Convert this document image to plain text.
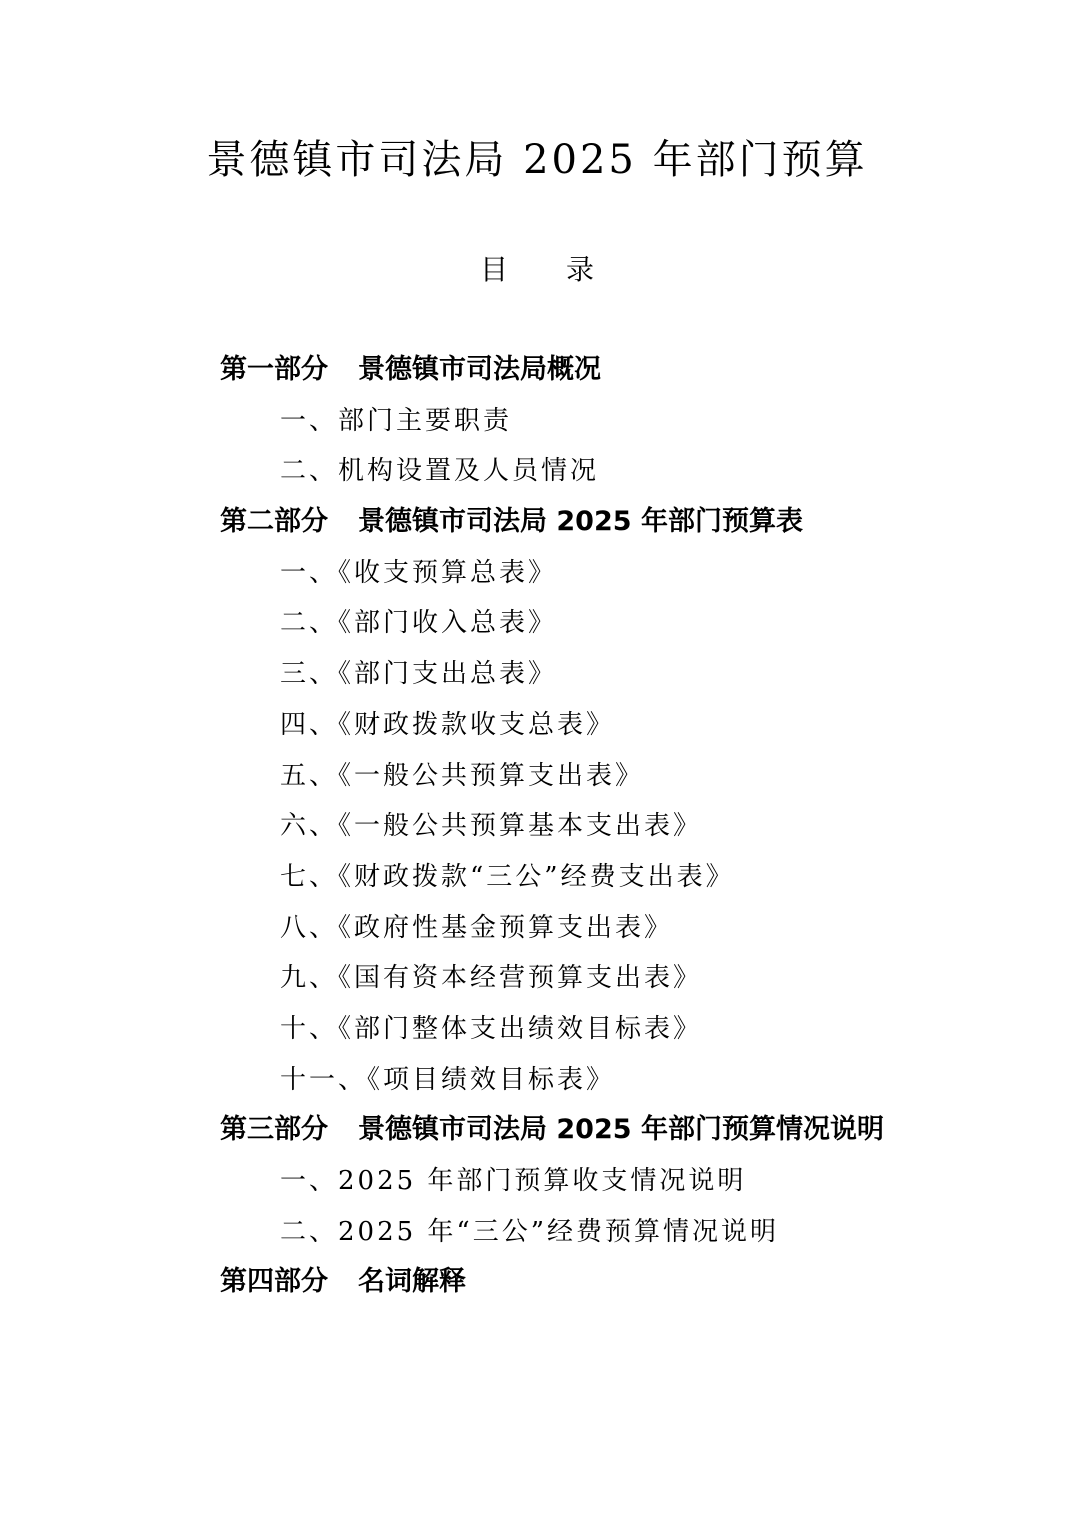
景德镇市司法局 2025 年部门预算
目 录
第一部分 景德镇市司法局概况
一、部门主要职责
二、机构设置及人员情况
第二部分 景德镇市司法局 2025 年部门预算表
一、《收支预算总表》
二、《部门收入总表》
三、《部门支出总表》
四、《财政拨款收支总表》
五、《一般公共预算支出表》
六、《一般公共预算基本支出表》
七、《财政拨款“三公”经费支出表》
八、《政府性基金预算支出表》
九、《国有资本经营预算支出表》
十、《部门整体支出绩效目标表》
十一、《项目绩效目标表》
第三部分 景德镇市司法局 2025 年部门预算情况说明
一、2025 年部门预算收支情况说明
二、2025 年“三公”经费预算情况说明
第四部分 名词解释
